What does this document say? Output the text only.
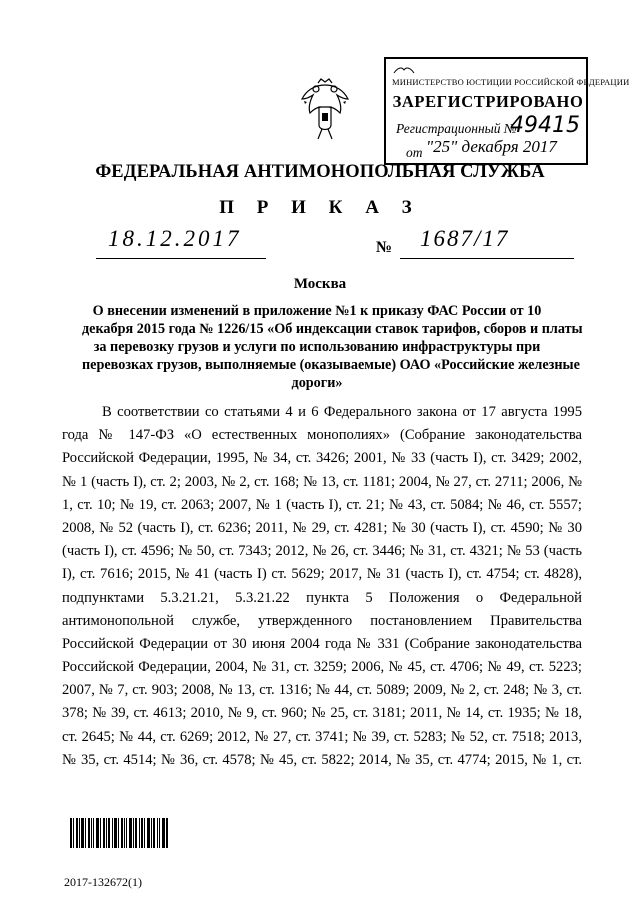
МИНИСТЕРСТВО ЮСТИЦИИ РОССИЙСКОЙ ФЕДЕРАЦИИ
ЗАРЕГИСТРИРОВАНО
Регистрационный №
49415
от "25" декабря 2017
ФЕДЕРАЛЬНАЯ АНТИМОНОПОЛЬНАЯ СЛУЖБА
П Р И К А З
18.12.2017	№ 1687/17
Москва
О внесении изменений в приложение №1 к приказу ФАС России от 10
декабря 2015 года № 1226/15 «Об индексации ставок тарифов, сборов и платы
за перевозку грузов и услуги по использованию инфраструктуры при
перевозках грузов, выполняемые (оказываемые) ОАО «Российские железные
дороги»
В соответствии со статьями 4 и 6 Федерального закона от 17 августа 1995
года № 147-ФЗ «О естественных монополиях» (Собрание законодательства
Российской Федерации, 1995, № 34, ст. 3426; 2001, № 33 (часть I), ст. 3429; 2002,
№ 1 (часть I), ст. 2; 2003, № 2, ст. 168; № 13, ст. 1181; 2004, № 27, ст. 2711; 2006, №
1, ст. 10; № 19, ст. 2063; 2007, № 1 (часть I), ст. 21; № 43, ст. 5084; № 46, ст. 5557;
2008, № 52 (часть I), ст. 6236; 2011, № 29, ст. 4281; № 30 (часть I), ст. 4590; № 30
(часть I), ст. 4596; № 50, ст. 7343; 2012, № 26, ст. 3446; № 31, ст. 4321; № 53 (часть
I), ст. 7616; 2015, № 41 (часть I) ст. 5629; 2017, № 31 (часть I), ст. 4754; ст. 4828),
подпунктами 5.3.21.21, 5.3.21.22 пункта 5 Положения о Федеральной
антимонопольной службе, утвержденного постановлением Правительства
Российской Федерации от 30 июня 2004 года № 331 (Собрание законодательства
Российской Федерации, 2004, № 31, ст. 3259; 2006, № 45, ст. 4706; № 49, ст. 5223;
2007, № 7, ст. 903; 2008, № 13, ст. 1316; № 44, ст. 5089; 2009, № 2, ст. 248; № 3, ст.
378; № 39, ст. 4613; 2010, № 9, ст. 960; № 25, ст. 3181; 2011, № 14, ст. 1935; № 18,
ст. 2645; № 44, ст. 6269; 2012, № 27, ст. 3741; № 39, ст. 5283; № 52, ст. 7518; 2013,
№ 35, ст. 4514; № 36, ст. 4578; № 45, ст. 5822; 2014, № 35, ст. 4774; 2015, № 1, ст.
2017-132672(1)
